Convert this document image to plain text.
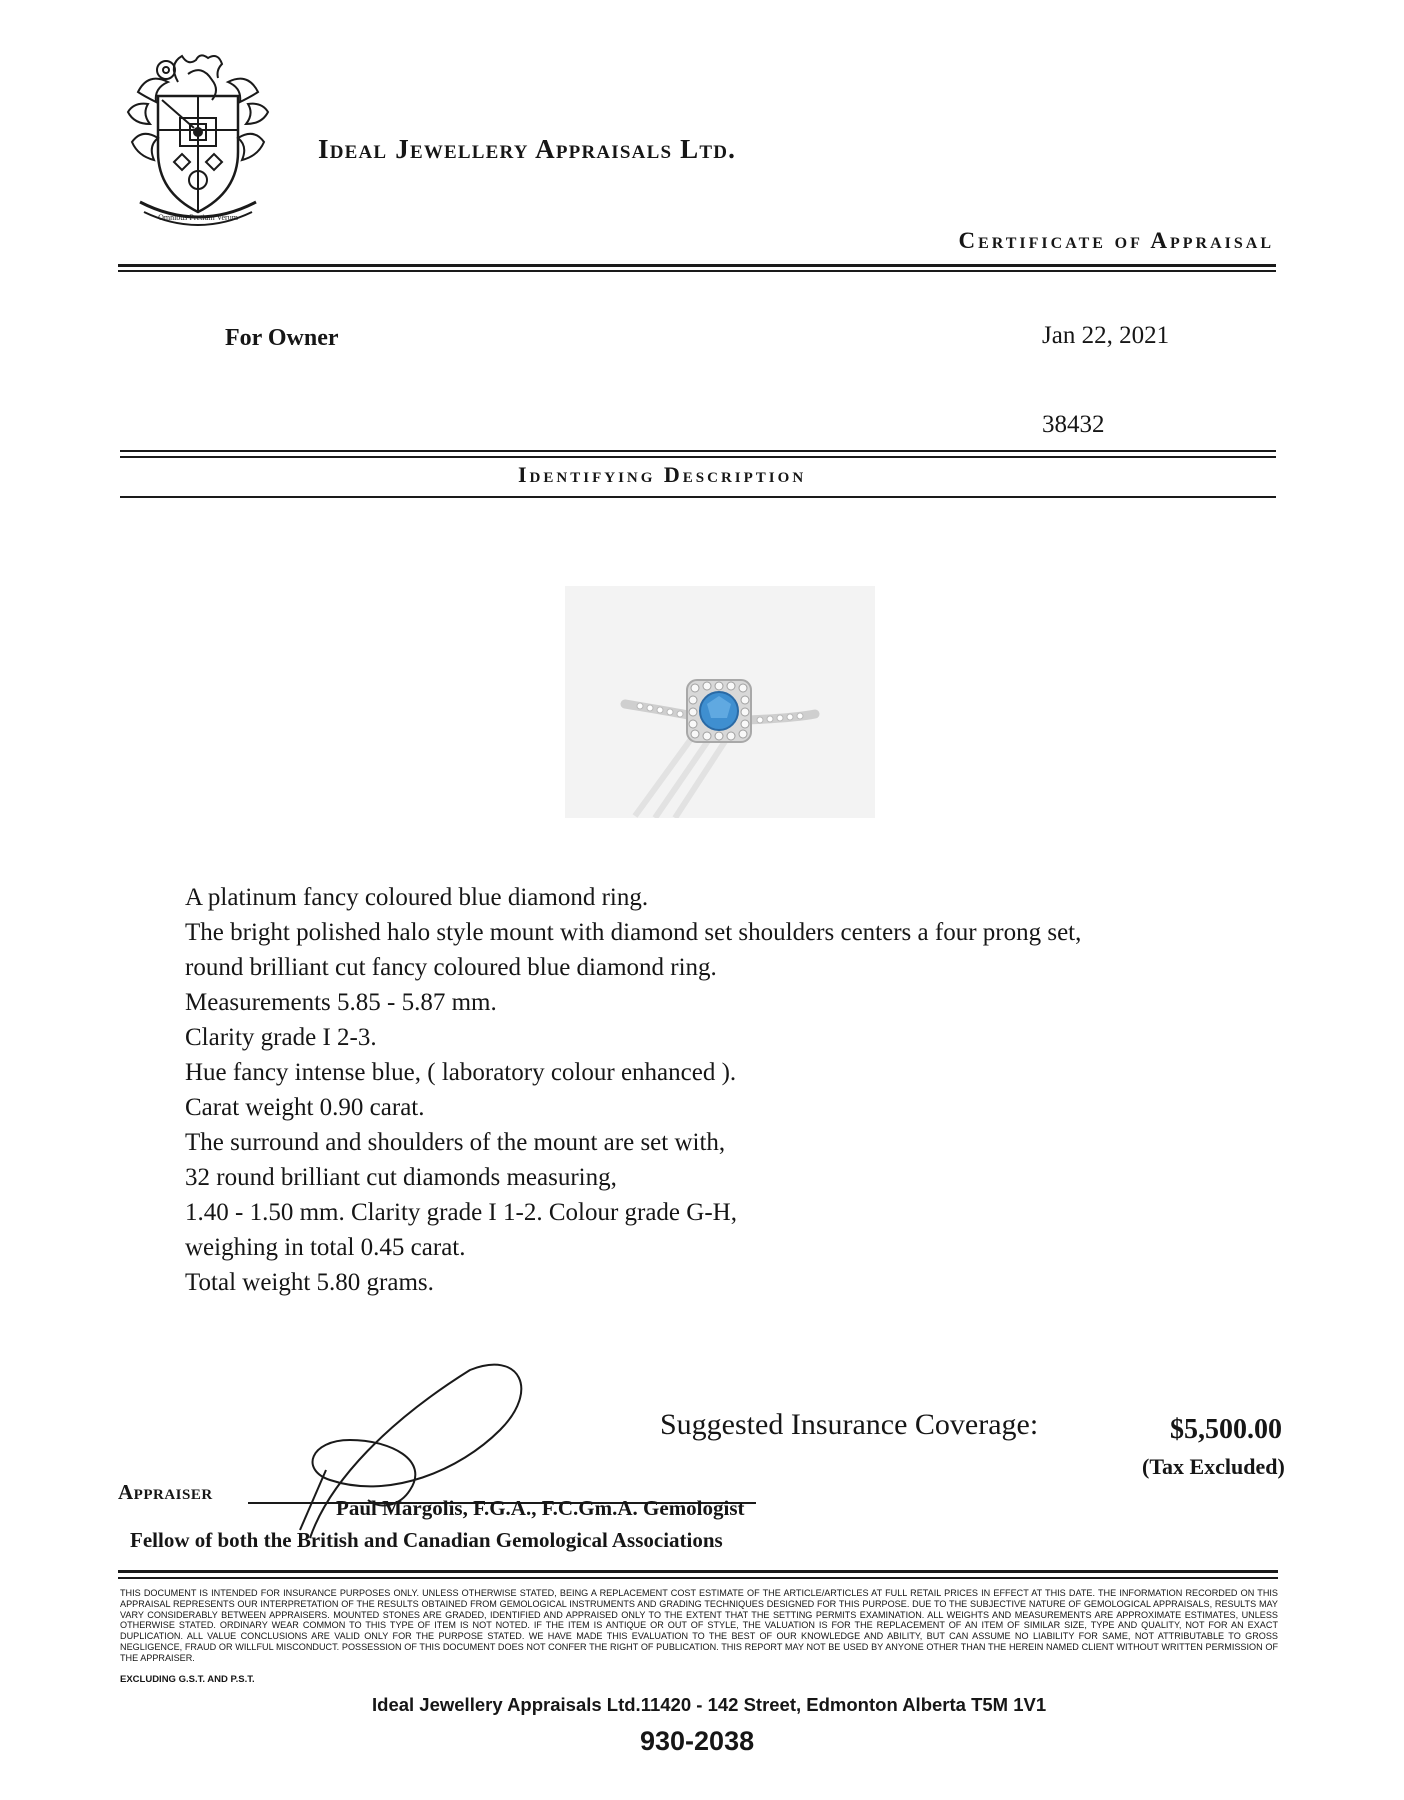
Omnibus Pretium Verum
Ideal Jewellery Appraisals Ltd.
Certificate of Appraisal
For Owner	Jan 22, 2021
38432
Identifying Description
A platinum fancy coloured blue diamond ring.
The bright polished halo style mount with diamond set shoulders centers a four prong set,
round brilliant cut fancy coloured blue diamond ring.
Measurements 5.85 - 5.87 mm.
Clarity grade I 2-3.
Hue fancy intense blue, ( laboratory colour enhanced ).
Carat weight 0.90 carat.
The surround and shoulders of the mount are set with,
32 round brilliant cut diamonds measuring,
1.40 - 1.50 mm. Clarity grade I 1-2. Colour grade G-H,
weighing in total 0.45 carat.
Total weight 5.80 grams.
Suggested Insurance Coverage:	$5,500.00
(Tax Excluded)
Appraiser
Paul Margolis, F.G.A., F.C.Gm.A. Gemologist
Fellow of both the British and Canadian Gemological Associations
THIS DOCUMENT IS INTENDED FOR INSURANCE PURPOSES ONLY. UNLESS OTHERWISE STATED, BEING A REPLACEMENT COST ESTIMATE OF THE ARTICLE/ARTICLES AT FULL RETAIL PRICES IN EFFECT AT THIS DATE. THE INFORMATION RECORDED ON THIS APPRAISAL REPRESENTS OUR INTERPRETATION OF THE RESULTS OBTAINED FROM GEMOLOGICAL INSTRUMENTS AND GRADING TECHNIQUES DESIGNED FOR THIS PURPOSE. DUE TO THE SUBJECTIVE NATURE OF GEMOLOGICAL APPRAISALS, RESULTS MAY VARY CONSIDERABLY BETWEEN APPRAISERS. MOUNTED STONES ARE GRADED, IDENTIFIED AND APPRAISED ONLY TO THE EXTENT THAT THE SETTING PERMITS EXAMINATION. ALL WEIGHTS AND MEASUREMENTS ARE APPROXIMATE ESTIMATES, UNLESS OTHERWISE STATED. ORDINARY WEAR COMMON TO THIS TYPE OF ITEM IS NOT NOTED. IF THE ITEM IS ANTIQUE OR OUT OF STYLE, THE VALUATION IS FOR THE REPLACEMENT OF AN ITEM OF SIMILAR SIZE, TYPE AND QUALITY, NOT FOR AN EXACT DUPLICATION. ALL VALUE CONCLUSIONS ARE VALID ONLY FOR THE PURPOSE STATED. WE HAVE MADE THIS EVALUATION TO THE BEST OF OUR KNOWLEDGE AND ABILITY, BUT CAN ASSUME NO LIABILITY FOR SAME, NOT ATTRIBUTABLE TO GROSS NEGLIGENCE, FRAUD OR WILLFUL MISCONDUCT. POSSESSION OF THIS DOCUMENT DOES NOT CONFER THE RIGHT OF PUBLICATION. THIS REPORT MAY NOT BE USED BY ANYONE OTHER THAN THE HEREIN NAMED CLIENT WITHOUT WRITTEN PERMISSION OF THE APPRAISER.
EXCLUDING G.S.T. AND P.S.T.
Ideal Jewellery Appraisals Ltd.11420 - 142 Street, Edmonton Alberta T5M 1V1
930-2038
